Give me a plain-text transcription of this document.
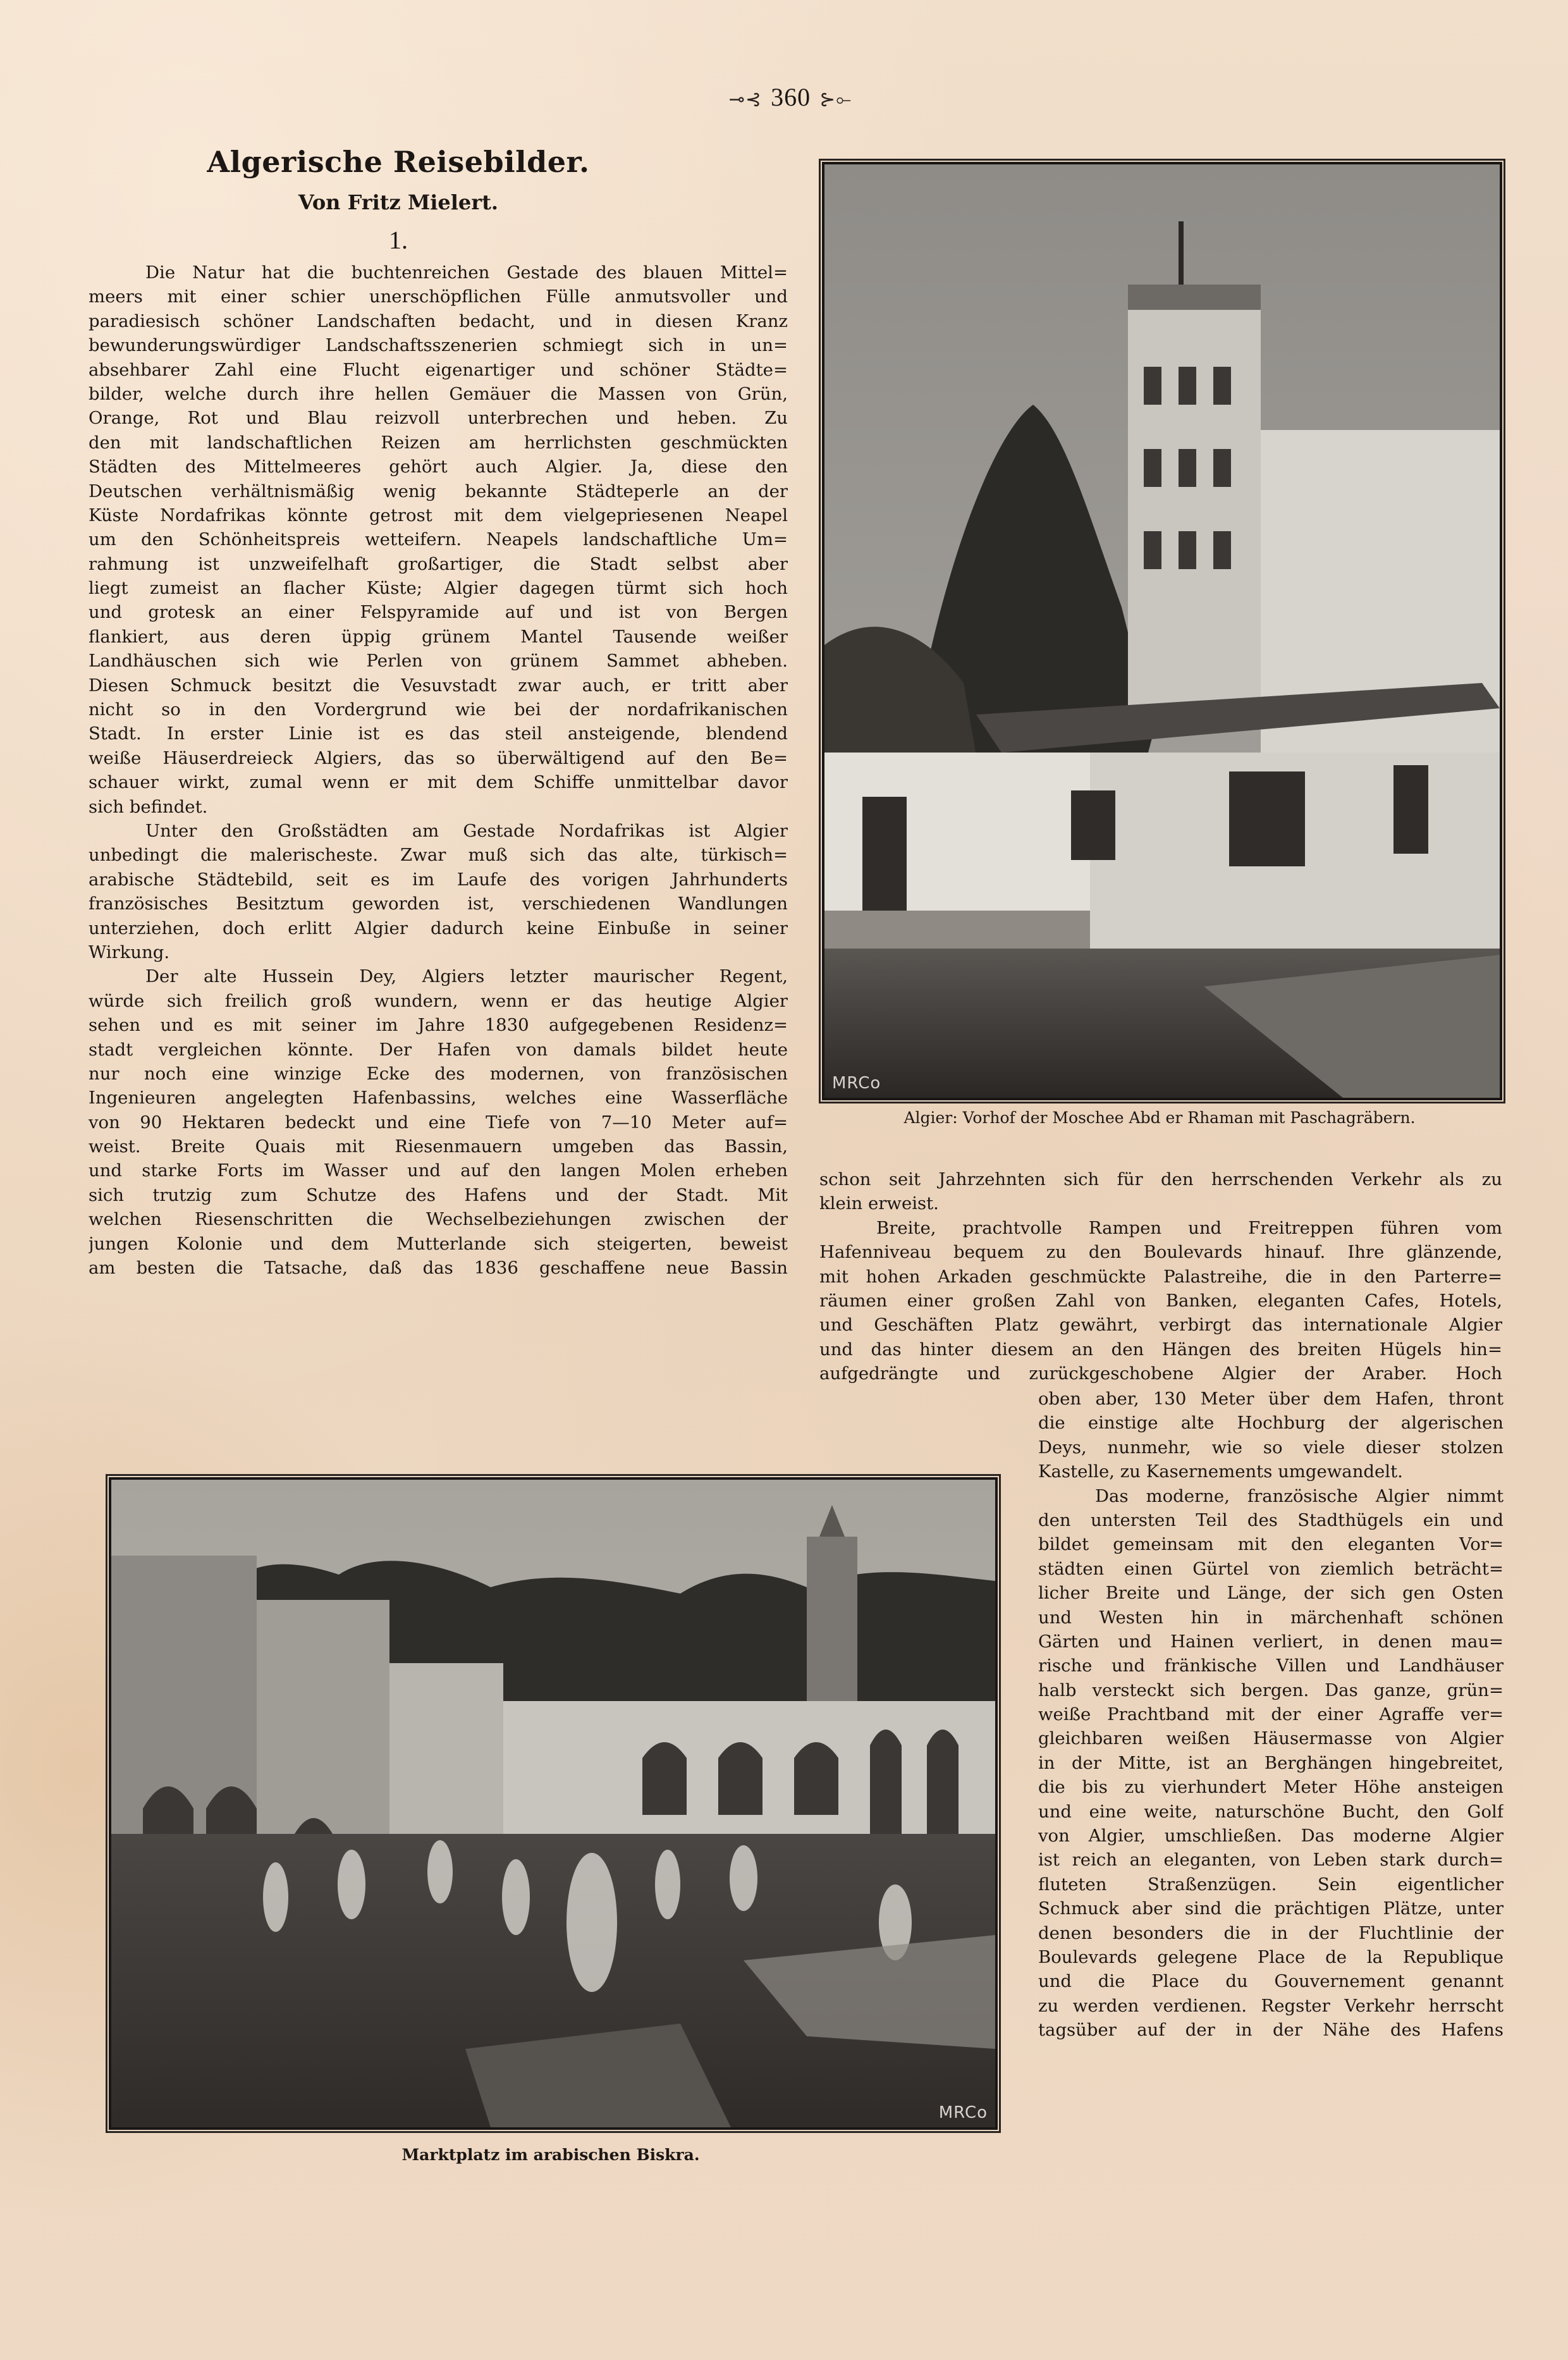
⊸⊰ 360 ⊱⟜
Algerische Reisebilder.
Von Fritz Mielert.
1.
Die Natur hat die buchtenreichen Gestade des blauen Mittel=
meers mit einer schier unerschöpflichen Fülle anmutsvoller und
paradiesisch schöner Landschaften bedacht, und in diesen Kranz
bewunderungswürdiger Landschaftsszenerien schmiegt sich in un=
absehbarer Zahl eine Flucht eigenartiger und schöner Städte=
bilder, welche durch ihre hellen Gemäuer die Massen von Grün,
Orange, Rot und Blau reizvoll unterbrechen und heben. Zu
den mit landschaftlichen Reizen am herrlichsten geschmückten
Städten des Mittelmeeres gehört auch Algier. Ja, diese den
Deutschen verhältnismäßig wenig bekannte Städteperle an der
Küste Nordafrikas könnte getrost mit dem vielgepriesenen Neapel
um den Schönheitspreis wetteifern. Neapels landschaftliche Um=
rahmung ist unzweifelhaft großartiger, die Stadt selbst aber
liegt zumeist an flacher Küste; Algier dagegen türmt sich hoch
und grotesk an einer Felspyramide auf und ist von Bergen
flankiert, aus deren üppig grünem Mantel Tausende weißer
Landhäuschen sich wie Perlen von grünem Sammet abheben.
Diesen Schmuck besitzt die Vesuvstadt zwar auch, er tritt aber
nicht so in den Vordergrund wie bei der nordafrikanischen
Stadt. In erster Linie ist es das steil ansteigende, blendend
weiße Häuserdreieck Algiers, das so überwältigend auf den Be=
schauer wirkt, zumal wenn er mit dem Schiffe unmittelbar davor
sich befindet.
Unter den Großstädten am Gestade Nordafrikas ist Algier
unbedingt die malerischeste. Zwar muß sich das alte, türkisch=
arabische Städtebild, seit es im Laufe des vorigen Jahrhunderts
französisches Besitztum geworden ist, verschiedenen Wandlungen
unterziehen, doch erlitt Algier dadurch keine Einbuße in seiner
Wirkung.
Der alte Hussein Dey, Algiers letzter maurischer Regent,
würde sich freilich groß wundern, wenn er das heutige Algier
sehen und es mit seiner im Jahre 1830 aufgegebenen Residenz=
stadt vergleichen könnte. Der Hafen von damals bildet heute
nur noch eine winzige Ecke des modernen, von französischen
Ingenieuren angelegten Hafenbassins, welches eine Wasserfläche
von 90 Hektaren bedeckt und eine Tiefe von 7—10 Meter auf=
weist. Breite Quais mit Riesenmauern umgeben das Bassin,
und starke Forts im Wasser und auf den langen Molen erheben
sich trutzig zum Schutze des Hafens und der Stadt. Mit
welchen Riesenschritten die Wechselbeziehungen zwischen der
jungen Kolonie und dem Mutterlande sich steigerten, beweist
am besten die Tatsache, daß das 1836 geschaffene neue Bassin
MRCo
Algier: Vorhof der Moschee Abd er Rhaman mit Paschagräbern.
schon seit Jahrzehnten sich für den herrschenden Verkehr als zu
klein erweist.
Breite, prachtvolle Rampen und Freitreppen führen vom
Hafenniveau bequem zu den Boulevards hinauf. Ihre glänzende,
mit hohen Arkaden geschmückte Palastreihe, die in den Parterre=
räumen einer großen Zahl von Banken, eleganten Cafes, Hotels,
und Geschäften Platz gewährt, verbirgt das internationale Algier
und das hinter diesem an den Hängen des breiten Hügels hin=
aufgedrängte und zurückgeschobene Algier der Araber. Hoch
oben aber, 130 Meter über dem Hafen, thront
die einstige alte Hochburg der algerischen
Deys, nunmehr, wie so viele dieser stolzen
Kastelle, zu Kasernements umgewandelt.
Das moderne, französische Algier nimmt
den untersten Teil des Stadthügels ein und
bildet gemeinsam mit den eleganten Vor=
städten einen Gürtel von ziemlich beträcht=
licher Breite und Länge, der sich gen Osten
und Westen hin in märchenhaft schönen
Gärten und Hainen verliert, in denen mau=
rische und fränkische Villen und Landhäuser
halb versteckt sich bergen. Das ganze, grün=
weiße Prachtband mit der einer Agraffe ver=
gleichbaren weißen Häusermasse von Algier
in der Mitte, ist an Berghängen hingebreitet,
die bis zu vierhundert Meter Höhe ansteigen
und eine weite, naturschöne Bucht, den Golf
von Algier, umschließen. Das moderne Algier
ist reich an eleganten, von Leben stark durch=
fluteten Straßenzügen. Sein eigentlicher
Schmuck aber sind die prächtigen Plätze, unter
denen besonders die in der Fluchtlinie der
Boulevards gelegene Place de la Republique
und die Place du Gouvernement genannt
zu werden verdienen. Regster Verkehr herrscht
tagsüber auf der in der Nähe des Hafens
MRCo
Marktplatz im arabischen Biskra.
